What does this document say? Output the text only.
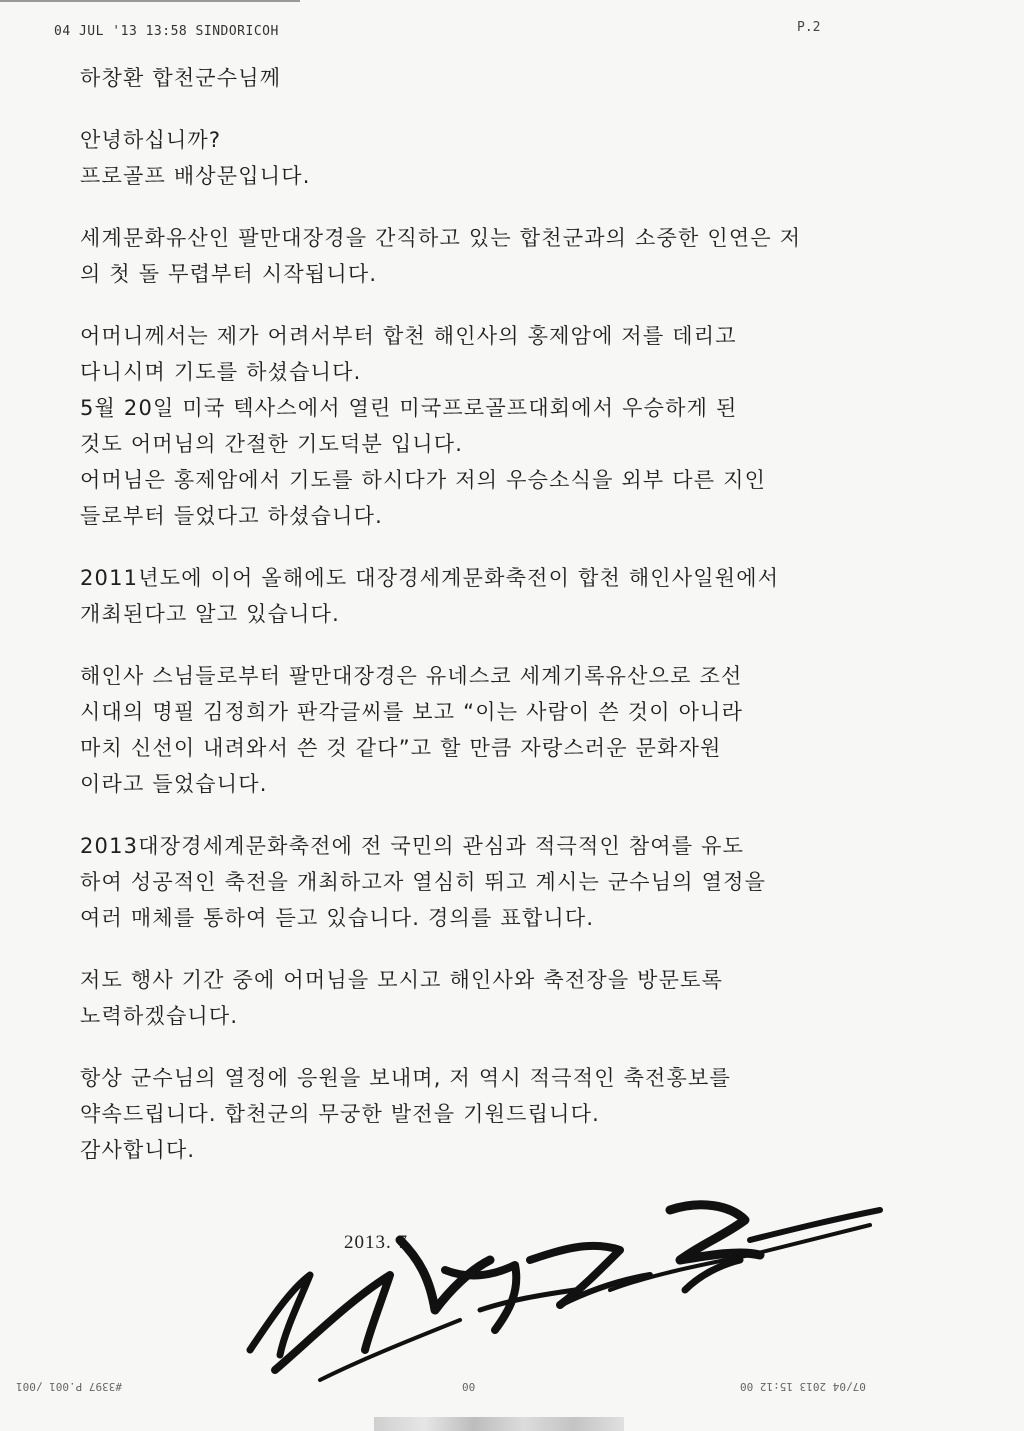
04 JUL '13 13:58 SINDORICOH	P.2
하창환 합천군수님께
안녕하십니까?
프로골프 배상문입니다.
세계문화유산인 팔만대장경을 간직하고 있는 합천군과의 소중한 인연은 저
의 첫 돌 무렵부터 시작됩니다.
어머니께서는 제가 어려서부터 합천 해인사의 홍제암에 저를 데리고
다니시며 기도를 하셨습니다.
5월 20일 미국 텍사스에서 열린 미국프로골프대회에서 우승하게 된
것도 어머님의 간절한 기도덕분 입니다.
어머님은 홍제암에서 기도를 하시다가 저의 우승소식을 외부 다른 지인
들로부터 들었다고 하셨습니다.
2011년도에 이어 올해에도 대장경세계문화축전이 합천 해인사일원에서
개최된다고 알고 있습니다.
해인사 스님들로부터 팔만대장경은 유네스코 세계기록유산으로 조선
시대의 명필 김정희가 판각글씨를 보고 “이는 사람이 쓴 것이 아니라
마치 신선이 내려와서 쓴 것 같다”고 할 만큼 자랑스러운 문화자원
이라고 들었습니다.
2013대장경세계문화축전에 전 국민의 관심과 적극적인 참여를 유도
하여 성공적인 축전을 개최하고자 열심히 뛰고 계시는 군수님의 열정을
여러 매체를 통하여 듣고 있습니다. 경의를 표합니다.
저도 행사 기간 중에 어머님을 모시고 해인사와 축전장을 방문토록
노력하겠습니다.
항상 군수님의 열정에 응원을 보내며, 저 역시 적극적인 축전홍보를
약속드립니다. 합천군의 무궁한 발전을 기원드립니다.
감사합니다.
2013. 7.
#3397 P.001 /001	00	07/04 2013 15:12 00
